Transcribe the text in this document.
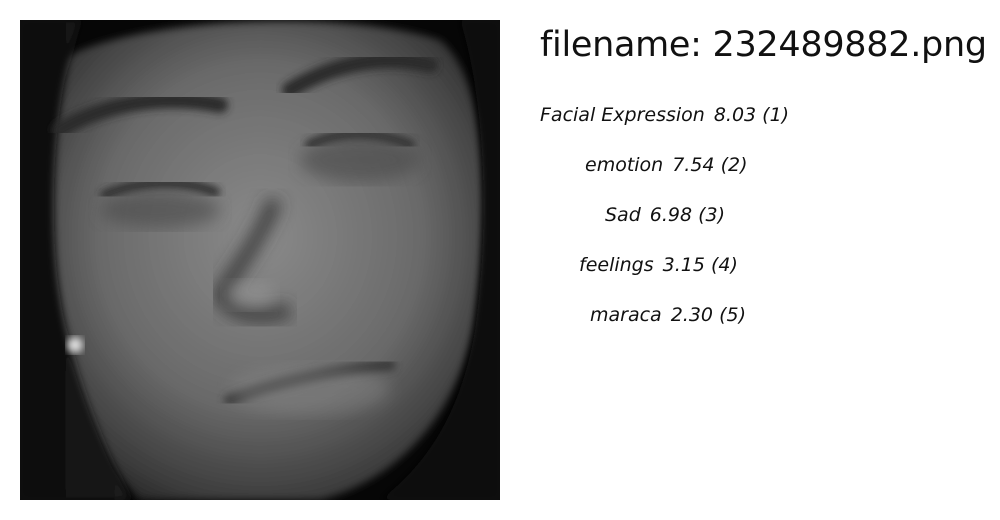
filename: 232489882.png
Facial Expression 8.03 (1)
emotion 7.54 (2)
Sad 6.98 (3)
feelings 3.15 (4)
maraca 2.30 (5)
